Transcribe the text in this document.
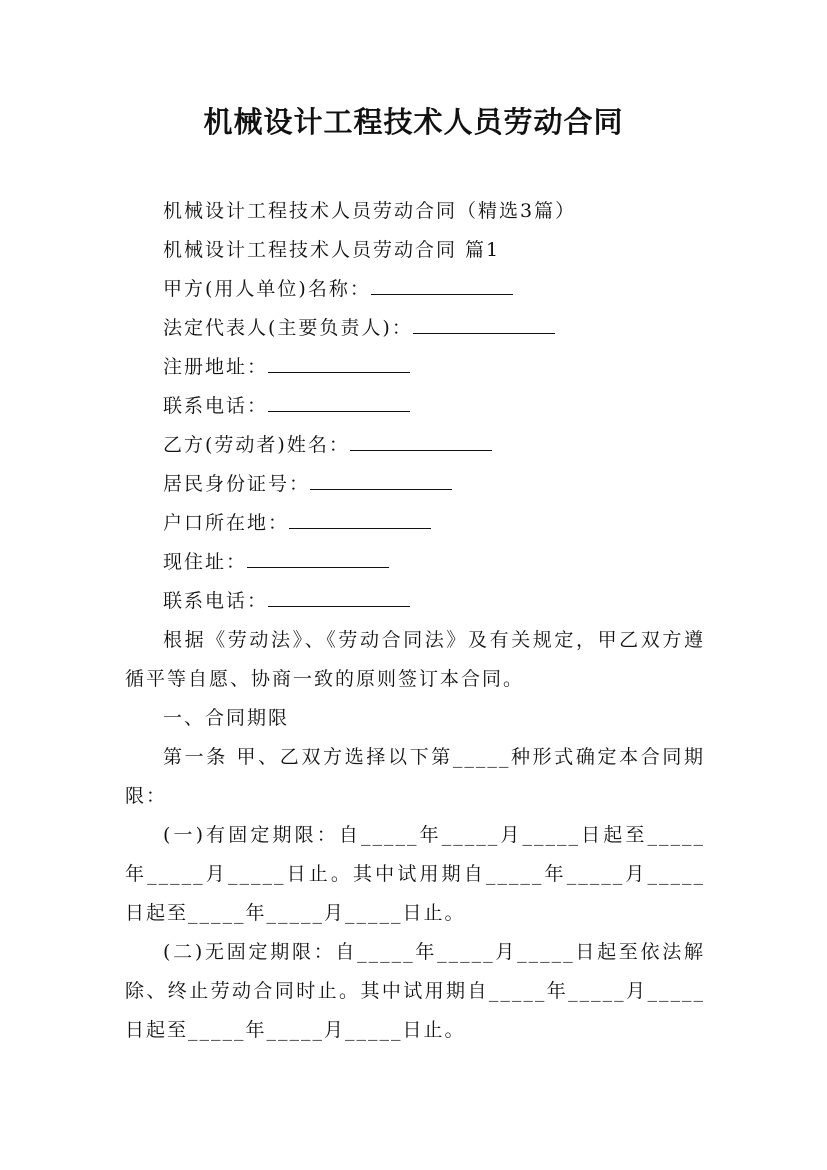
机械设计工程技术人员劳动合同

机械设计工程技术人员劳动合同（精选3篇）

机械设计工程技术人员劳动合同 篇1

甲方(用人单位)名称：

法定代表人(主要负责人)：

注册地址：

联系电话：

乙方(劳动者)姓名：

居民身份证号：

户口所在地：

现住址：

联系电话：

根据《劳动法》、《劳动合同法》及有关规定，甲乙双方遵循平等自愿、协商一致的原则签订本合同。

一、合同期限

第一条 甲、乙双方选择以下第_____种形式确定本合同期限：

(一)有固定期限：自_____年_____月_____日起至_____年_____月_____日止。其中试用期自_____年_____月_____日起至_____年_____月_____日止。

(二)无固定期限：自_____年_____月_____日起至依法解除、终止劳动合同时止。其中试用期自_____年_____月_____日起至_____年_____月_____日止。
